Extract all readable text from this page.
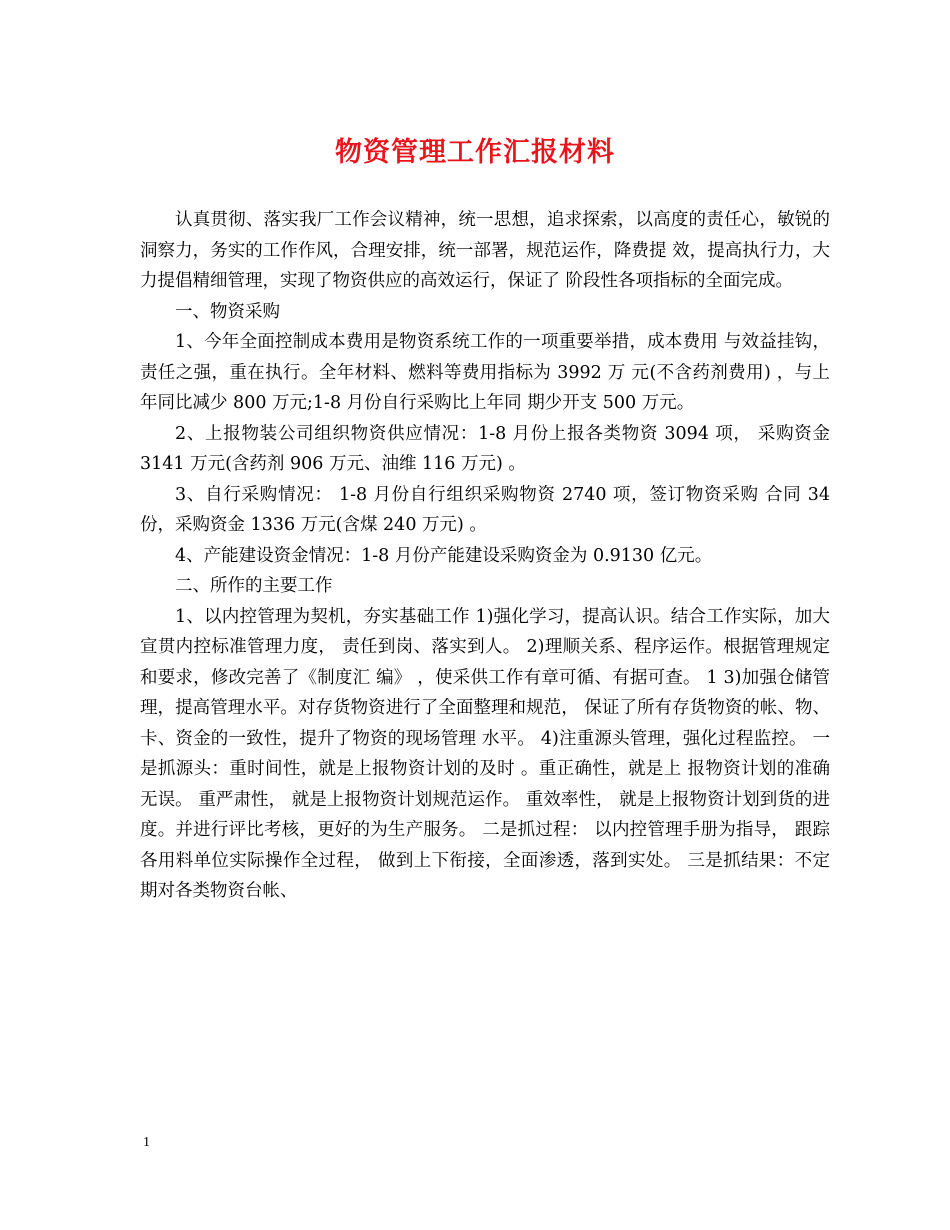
物资管理工作汇报材料

认真贯彻、落实我厂工作会议精神，统一思想，追求探索，以高度的责任心，敏锐的洞察力，务实的工作作风，合理安排，统一部署，规范运作，降费提 效，提高执行力，大力提倡精细管理，实现了物资供应的高效运行，保证了 阶段性各项指标的全面完成。

一、物资采购

1、今年全面控制成本费用是物资系统工作的一项重要举措，成本费用 与效益挂钩，责任之强，重在执行。全年材料、燃料等费用指标为 3992 万 元(不含药剂费用) ，与上年同比减少 800 万元;1-8 月份自行采购比上年同 期少开支 500 万元。

2、上报物装公司组织物资供应情况：1-8 月份上报各类物资 3094 项， 采购资金 3141 万元(含药剂 906 万元、油维 116 万元) 。

3、自行采购情况： 1-8 月份自行组织采购物资 2740 项，签订物资采购 合同 34 份，采购资金 1336 万元(含煤 240 万元) 。

4、产能建设资金情况：1-8 月份产能建设采购资金为 0.9130 亿元。

二、所作的主要工作

1、以内控管理为契机，夯实基础工作 1)强化学习，提高认识。结合工作实际，加大宣贯内控标准管理力度， 责任到岗、落实到人。 2)理顺关系、程序运作。根据管理规定和要求，修改完善了《制度汇 编》 ，使采供工作有章可循、有据可查。 1 3)加强仓储管理，提高管理水平。对存货物资进行了全面整理和规范， 保证了所有存货物资的帐、物、卡、资金的一致性，提升了物资的现场管理 水平。 4)注重源头管理，强化过程监控。 一是抓源头：重时间性，就是上报物资计划的及时 。重正确性，就是上 报物资计划的准确无误。 重严肃性， 就是上报物资计划规范运作。 重效率性， 就是上报物资计划到货的进度。并进行评比考核，更好的为生产服务。 二是抓过程： 以内控管理手册为指导， 跟踪各用料单位实际操作全过程， 做到上下衔接，全面渗透，落到实处。 三是抓结果：不定期对各类物资台帐、

1
